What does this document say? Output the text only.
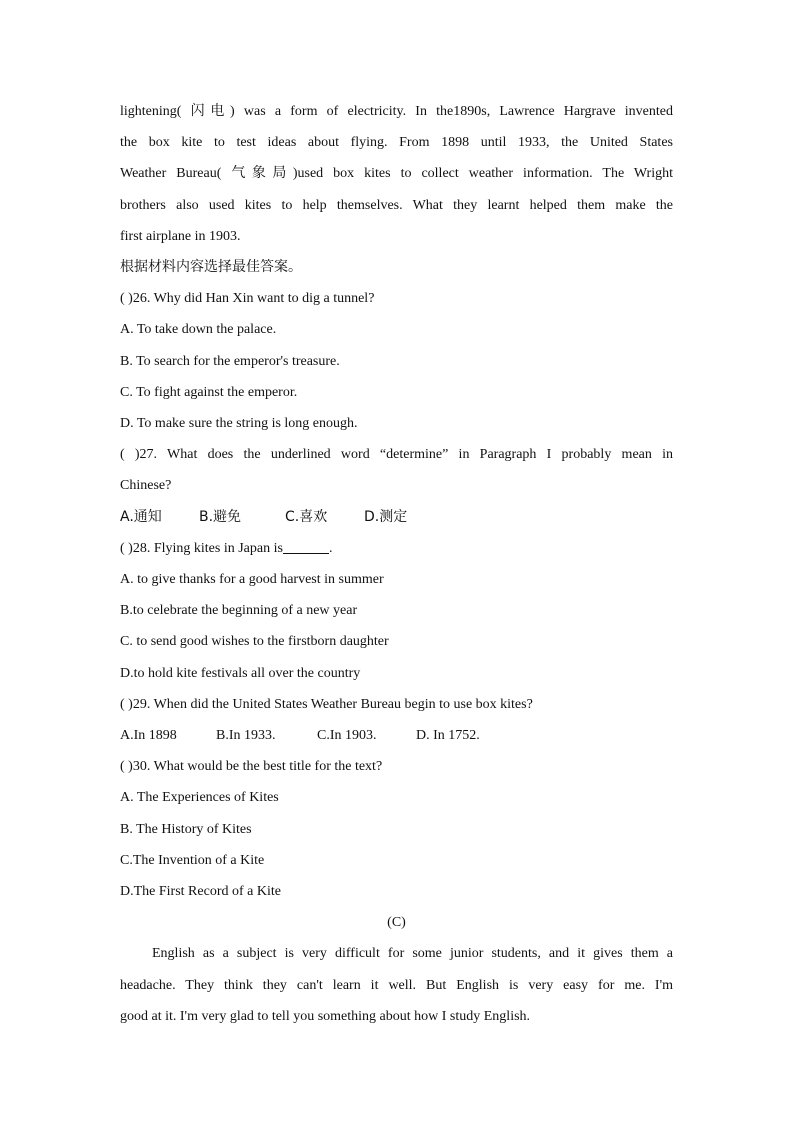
lightening( 闪电) was a form of electricity. In the1890s, Lawrence Hargrave invented
the box kite to test ideas about flying. From 1898 until 1933, the United States
Weather Bureau( 气象局)used box kites to collect weather information. The Wright
brothers also used kites to help themselves. What they learnt helped them make the
first airplane in 1903.
根据材料内容选择最佳答案。
( )26. Why did Han Xin want to dig a tunnel?
A. To take down the palace.
B. To search for the emperor's treasure.
C. To fight against the emperor.
D. To make sure the string is long enough.
( )27. What does the underlined word “determine” in Paragraph I probably mean in
Chinese?
A.通知	B.避免	C.喜欢	D.测定
( )28. Flying kites in Japan is	.
A. to give thanks for a good harvest in summer
B.to celebrate the beginning of a new year
C. to send good wishes to the firstborn daughter
D.to hold kite festivals all over the country
( )29. When did the United States Weather Bureau begin to use box kites?
A.In 1898	B.In 1933.	C.In 1903.	D. In 1752.
( )30. What would be the best title for the text?
A. The Experiences of Kites
B. The History of Kites
C.The Invention of a Kite
D.The First Record of a Kite
(C)
English as a subject is very difficult for some junior students, and it gives them a
headache. They think they can't learn it well. But English is very easy for me. I'm
good at it. I'm very glad to tell you something about how I study English.
